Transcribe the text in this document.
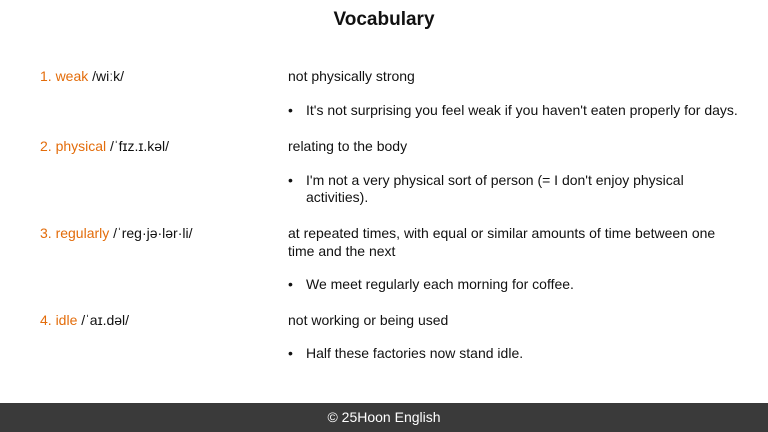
Vocabulary
1. weak /wiːk/	not physically strong
• It's not surprising you feel weak if you haven't eaten properly for days.
2. physical /ˈfɪz.ɪ.kəl/	relating to the body
• I'm not a very physical sort of person (= I don't enjoy physical activities).
3. regularly /ˈreg·jə·lər·li/	at repeated times, with equal or similar amounts of time between one time and the next
• We meet regularly each morning for coffee.
4. idle /ˈaɪ.dəl/	not working or being used
• Half these factories now stand idle.
© 25Hoon English
